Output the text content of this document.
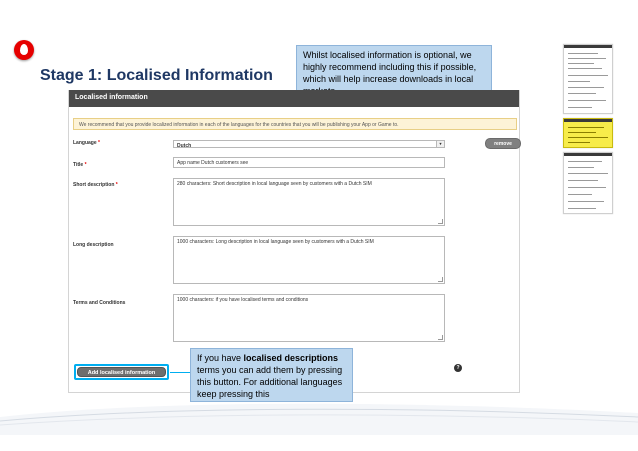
Stage 1: Localised Information
Whilst localised information is optional, we highly recommend including this if possible, which will help increase downloads in local
Localised information
We recommend that you provide localized information in each of the languages for the countries that you will be publishing your App or Game to.
Language *	Dutch	▾	remove
Title *	App name Dutch customers see
Short description *	280 characters: Short description in local language seen by customers with a Dutch SIM
Long description	1000 characters: Long description in local language seen by customers with a Dutch SIM
Terms and Conditions	1000 characters: if you have localised terms and conditions
Add localised information
?
If you have localised descriptions terms you can add them by pressing this button. For additional languages keep pressing this
